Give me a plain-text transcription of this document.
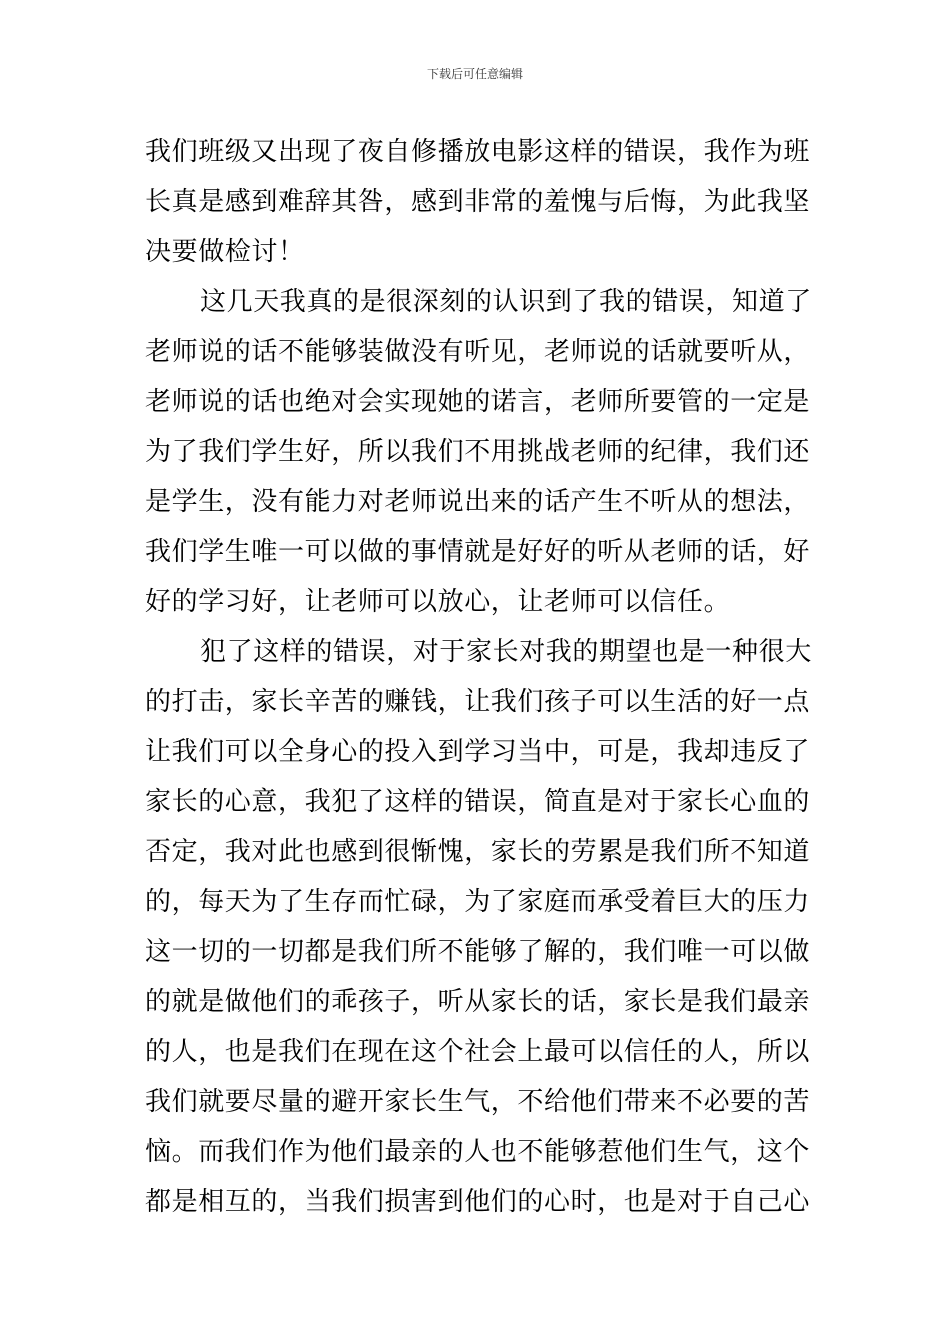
下载后可任意编辑
我们班级又出现了夜自修播放电影这样的错误，我作为班
长真是感到难辞其咎，感到非常的羞愧与后悔，为此我坚
决要做检讨！
这几天我真的是很深刻的认识到了我的错误，知道了
老师说的话不能够装做没有听见，老师说的话就要听从，
老师说的话也绝对会实现她的诺言，老师所要管的一定是
为了我们学生好，所以我们不用挑战老师的纪律，我们还
是学生，没有能力对老师说出来的话产生不听从的想法，
我们学生唯一可以做的事情就是好好的听从老师的话，好
好的学习好，让老师可以放心，让老师可以信任。
犯了这样的错误，对于家长对我的期望也是一种很大
的打击，家长辛苦的赚钱，让我们孩子可以生活的好一点
让我们可以全身心的投入到学习当中，可是，我却违反了
家长的心意，我犯了这样的错误，简直是对于家长心血的
否定，我对此也感到很惭愧，家长的劳累是我们所不知道
的，每天为了生存而忙碌，为了家庭而承受着巨大的压力
这一切的一切都是我们所不能够了解的，我们唯一可以做
的就是做他们的乖孩子，听从家长的话，家长是我们最亲
的人，也是我们在现在这个社会上最可以信任的人，所以
我们就要尽量的避开家长生气，不给他们带来不必要的苦
恼。而我们作为他们最亲的人也不能够惹他们生气，这个
都是相互的，当我们损害到他们的心时，也是对于自己心
